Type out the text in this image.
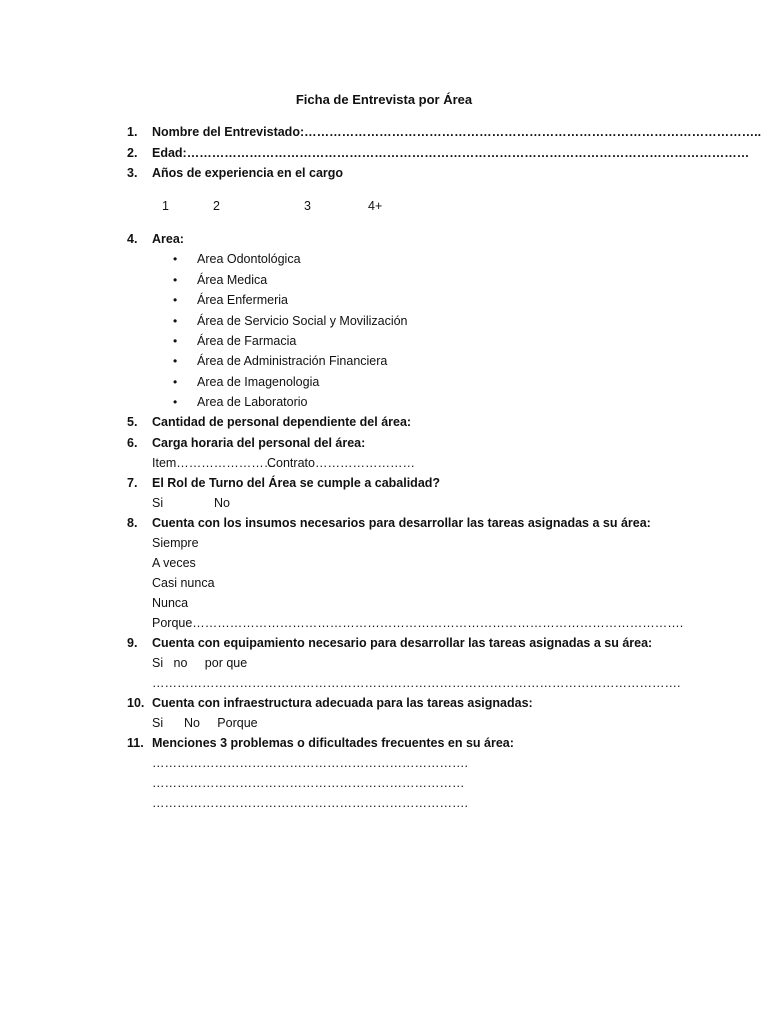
Ficha de Entrevista por Área
1.	Nombre del Entrevistado:………………………………………………………………………………………………..
2.	Edad:………………………………………………………………………………………………………………………
3.	Años de experiencia en el cargo
1	2	3	4+
4.	Area:
• Area Odontológica
• Área Medica
• Área Enfermeria
• Área de Servicio Social y Movilización
• Área de Farmacia
• Área de Administración Financiera
• Area de Imagenologia
• Area de Laboratorio
5.	Cantidad de personal dependiente del área:
6.	Carga horaria del personal del área:
Item……………………
Contrato……………………
7.	El Rol de Turno del Área se cumple a cabalidad?
Si	No
8.	Cuenta con los insumos necesarios para desarrollar las tareas asignadas a su área:
Siempre
A veces
Casi nunca
Nunca
Porque……………………………………………………………………………………………………….
9.	Cuenta con equipamiento necesario para desarrollar las tareas asignadas a su área:
Si   no     por que
……………………………………………………………………………………………………………….
10. Cuenta con infraestructura adecuada para las tareas asignadas:
Si      No     Porque
11. Menciones 3 problemas o dificultades frecuentes en su área:
………………………………………………………………….
…………………………………………………………………
………………………………………………………………….
